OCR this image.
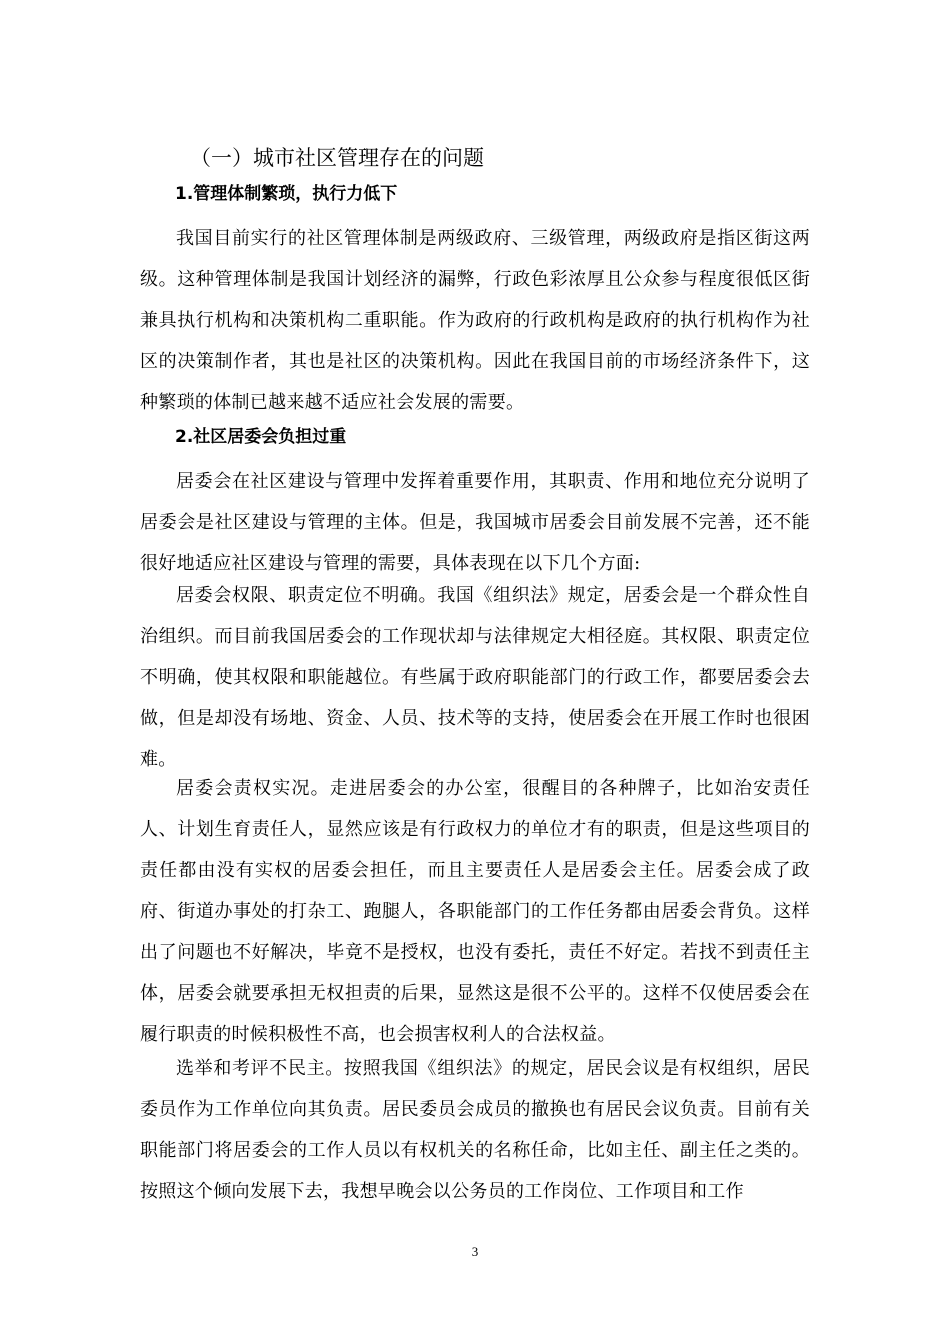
（一）城市社区管理存在的问题
1.管理体制繁琐，执行力低下
我国目前实行的社区管理体制是两级政府、三级管理，两级政府是指区街这两级。这种管理体制是我国计划经济的漏弊，行政色彩浓厚且公众参与程度很低区街兼具执行机构和决策机构二重职能。作为政府的行政机构是政府的执行机构作为社区的决策制作者，其也是社区的决策机构。因此在我国目前的市场经济条件下，这种繁琐的体制已越来越不适应社会发展的需要。
2.社区居委会负担过重
居委会在社区建设与管理中发挥着重要作用，其职责、作用和地位充分说明了居委会是社区建设与管理的主体。但是，我国城市居委会目前发展不完善，还不能很好地适应社区建设与管理的需要，具体表现在以下几个方面:
居委会权限、职责定位不明确。我国《组织法》规定，居委会是一个群众性自治组织。而目前我国居委会的工作现状却与法律规定大相径庭。其权限、职责定位不明确，使其权限和职能越位。有些属于政府职能部门的行政工作，都要居委会去做，但是却没有场地、资金、人员、技术等的支持，使居委会在开展工作时也很困难。
居委会责权实况。走进居委会的办公室，很醒目的各种牌子，比如治安责任人、计划生育责任人，显然应该是有行政权力的单位才有的职责，但是这些项目的责任都由没有实权的居委会担任，而且主要责任人是居委会主任。居委会成了政府、街道办事处的打杂工、跑腿人，各职能部门的工作任务都由居委会背负。这样出了问题也不好解决，毕竟不是授权，也没有委托，责任不好定。若找不到责任主体，居委会就要承担无权担责的后果，显然这是很不公平的。这样不仅使居委会在履行职责的时候积极性不高，也会损害权利人的合法权益。
选举和考评不民主。按照我国《组织法》的规定，居民会议是有权组织，居民委员作为工作单位向其负责。居民委员会成员的撤换也有居民会议负责。目前有关职能部门将居委会的工作人员以有权机关的名称任命，比如主任、副主任之类的。按照这个倾向发展下去，我想早晚会以公务员的工作岗位、工作项目和工作
3
